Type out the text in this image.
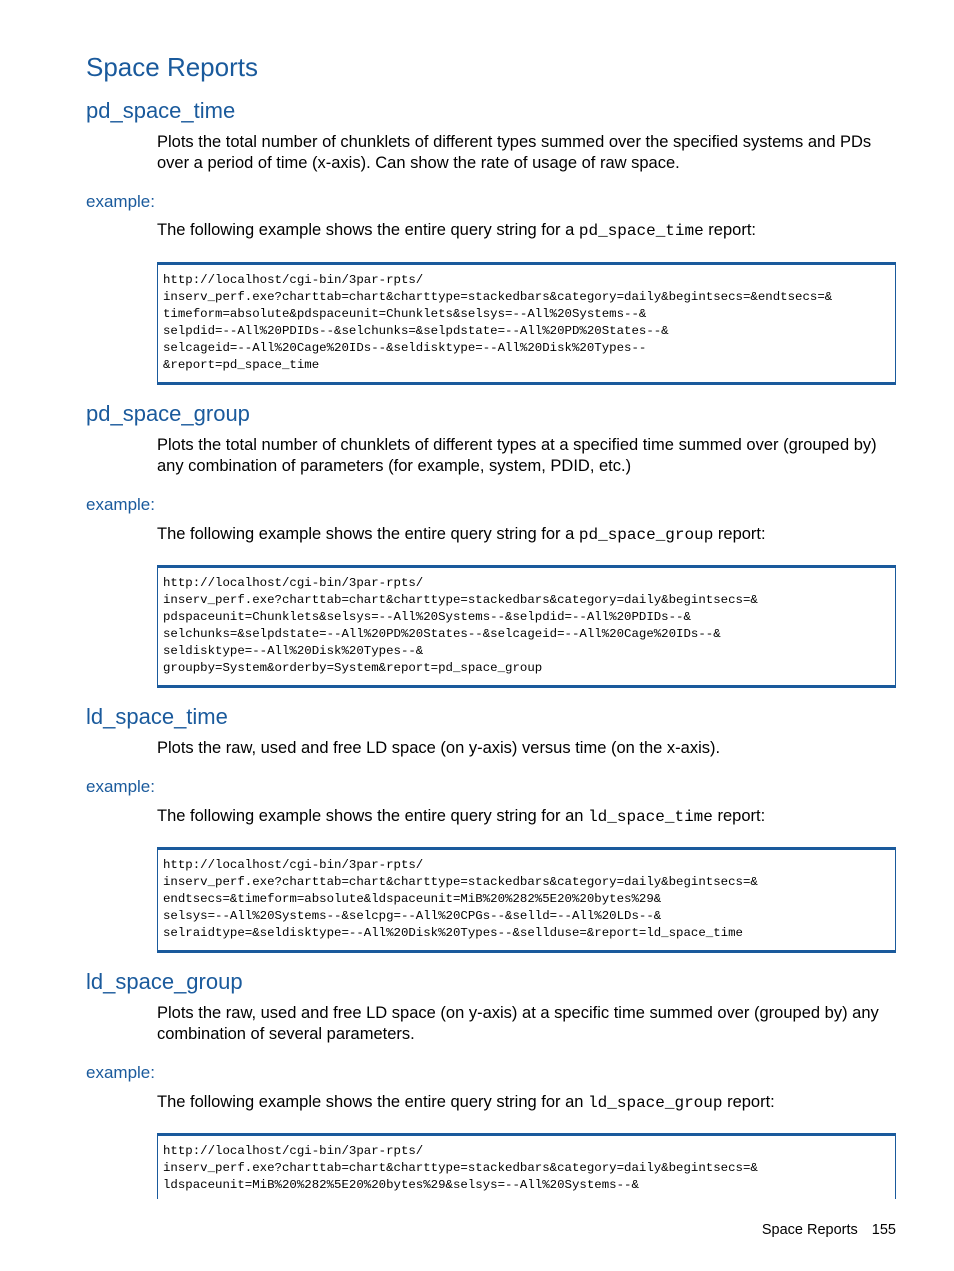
Space Reports
pd_space_time
Plots the total number of chunklets of different types summed over the specified systems and PDs over a period of time (x-axis). Can show the rate of usage of raw space.
example:
The following example shows the entire query string for a pd_space_time report:
http://localhost/cgi-bin/3par-rpts/
inserv_perf.exe?charttab=chart&charttype=stackedbars&category=daily&begintsecs=&endtsecs=&
timeform=absolute&pdspaceunit=Chunklets&selsys=--All%20Systems--&
selpdid=--All%20PDIDs--&selchunks=&selpdstate=--All%20PD%20States--&
selcageid=--All%20Cage%20IDs--&seldisktype=--All%20Disk%20Types--
&report=pd_space_time
pd_space_group
Plots the total number of chunklets of different types at a specified time summed over (grouped by) any combination of parameters (for example, system, PDID, etc.)
example:
The following example shows the entire query string for a pd_space_group report:
http://localhost/cgi-bin/3par-rpts/
inserv_perf.exe?charttab=chart&charttype=stackedbars&category=daily&begintsecs=&
pdspaceunit=Chunklets&selsys=--All%20Systems--&selpdid=--All%20PDIDs--&
selchunks=&selpdstate=--All%20PD%20States--&selcageid=--All%20Cage%20IDs--&
seldisktype=--All%20Disk%20Types--&
groupby=System&orderby=System&report=pd_space_group
ld_space_time
Plots the raw, used and free LD space (on y-axis) versus time (on the x-axis).
example:
The following example shows the entire query string for an ld_space_time report:
http://localhost/cgi-bin/3par-rpts/
inserv_perf.exe?charttab=chart&charttype=stackedbars&category=daily&begintsecs=&
endtsecs=&timeform=absolute&ldspaceunit=MiB%20%282%5E20%20bytes%29&
selsys=--All%20Systems--&selcpg=--All%20CPGs--&selld=--All%20LDs--&
selraidtype=&seldisktype=--All%20Disk%20Types--&sellduse=&report=ld_space_time
ld_space_group
Plots the raw, used and free LD space (on y-axis) at a specific time summed over (grouped by) any combination of several parameters.
example:
The following example shows the entire query string for an ld_space_group report:
http://localhost/cgi-bin/3par-rpts/
inserv_perf.exe?charttab=chart&charttype=stackedbars&category=daily&begintsecs=&
ldspaceunit=MiB%20%282%5E20%20bytes%29&selsys=--All%20Systems--&
Space Reports 155
